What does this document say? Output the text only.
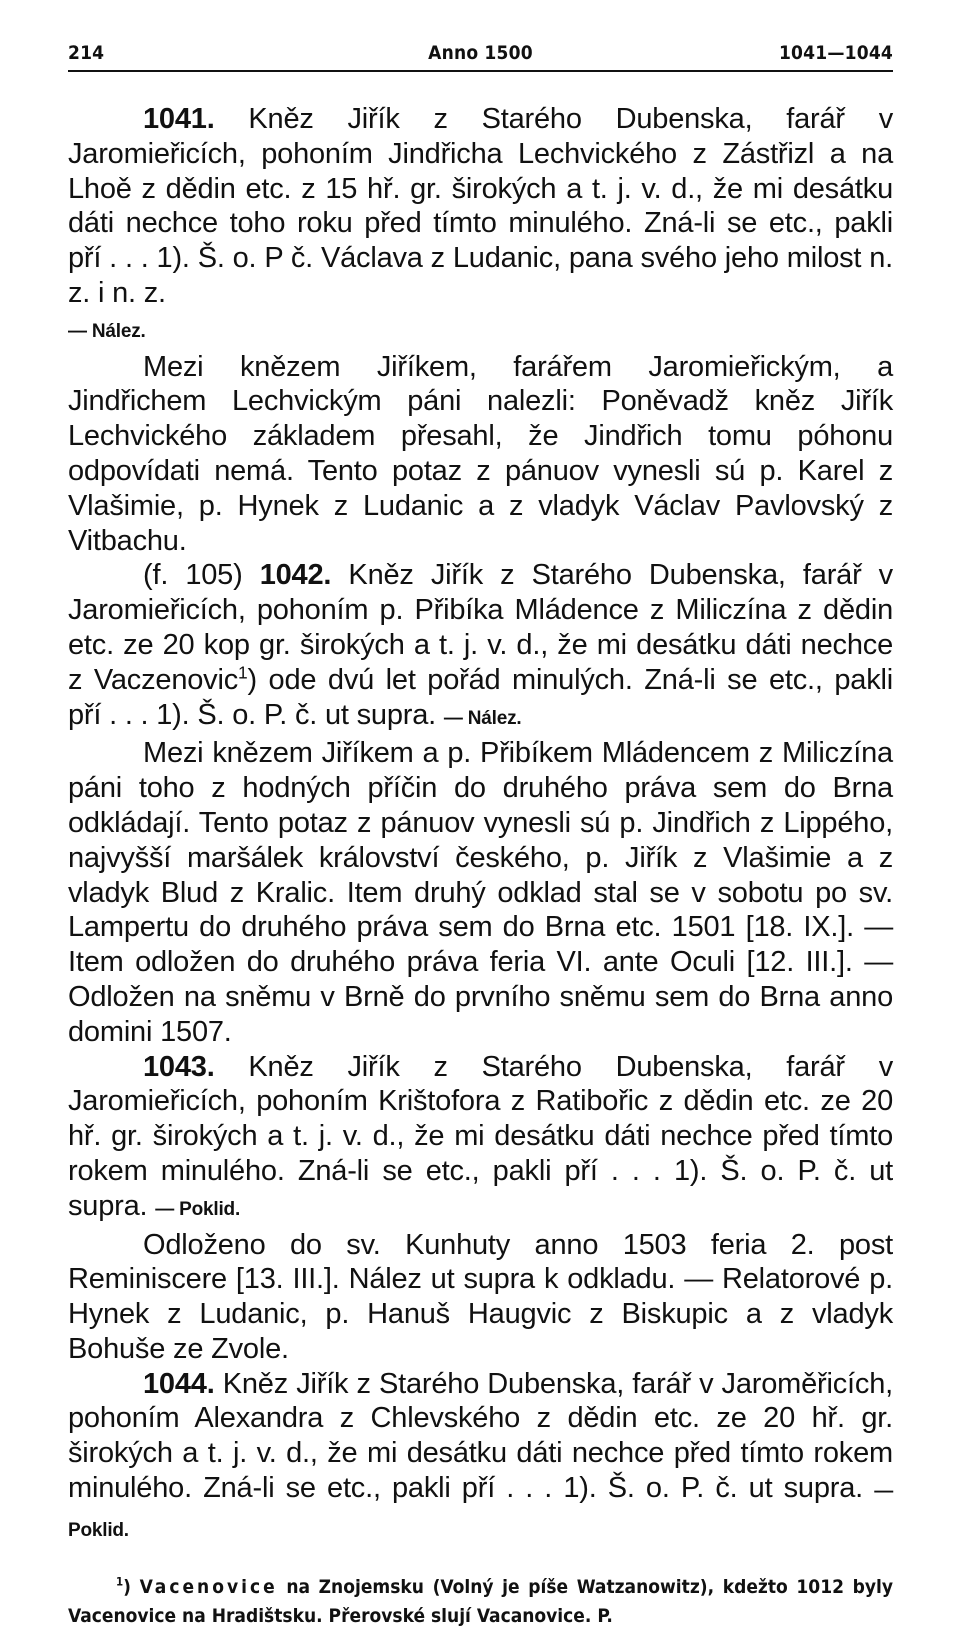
214	Anno 1500	1041—1044

1041. Kněz Jiřík z Starého Dubenska, farář v Jaromieřicích, pohoním Jindřicha Lechvického z Zástřizl a na Lhoě z dědin etc. z 15 hř. gr. širokých a t. j. v. d., že mi desátku dáti nechce toho roku před tímto minulého. Zná-li se etc., pakli pří . . . 1). Š. o. P č. Václava z Ludanic, pana svého jeho milost n. z. i n. z.

— Nález.

Mezi knězem Jiříkem, farářem Jaromieřickým, a Jindřichem Lechvickým páni nalezli: Poněvadž kněz Jiřík Lechvického základem přesahl, že Jindřich tomu póhonu odpovídati nemá. Tento potaz z pánuov vynesli sú p. Karel z Vlašimie, p. Hynek z Ludanic a z vladyk Václav Pavlovský z Vitbachu.

(f. 105) 1042. Kněz Jiřík z Starého Dubenska, farář v Jaromieřicích, pohoním p. Přibíka Mládence z Miliczína z dědin etc. ze 20 kop gr. širokých a t. j. v. d., že mi desátku dáti nechce z Vaczenovic$^1$) ode dvú let pořád minulých. Zná-li se etc., pakli pří . . . 1). Š. o. P. č. ut supra. — Nález.

Mezi knězem Jiříkem a p. Přibíkem Mládencem z Miliczína páni toho z hodných příčin do druhého práva sem do Brna odkládají. Tento potaz z pánuov vynesli sú p. Jindřich z Lippého, najvyšší maršálek království českého, p. Jiřík z Vlašimie a z vladyk Blud z Kralic. Item druhý odklad stal se v sobotu po sv. Lampertu do druhého práva sem do Brna etc. 1501 [18. IX.]. — Item odložen do druhého práva feria VI. ante Oculi [12. III.]. — Odložen na sněmu v Brně do prvního sněmu sem do Brna anno domini 1507.

1043. Kněz Jiřík z Starého Dubenska, farář v Jaromieřicích, pohoním Krištofora z Ratibořic z dědin etc. ze 20 hř. gr. širokých a t. j. v. d., že mi desátku dáti nechce před tímto rokem minulého. Zná-li se etc., pakli pří . . . 1). Š. o. P. č. ut supra. — Poklid.

Odloženo do sv. Kunhuty anno 1503 feria 2. post Reminiscere [13. III.]. Nález ut supra k odkladu. — Relatorové p. Hynek z Ludanic, p. Hanuš Haugvic z Biskupic a z vladyk Bohuše ze Zvole.

1044. Kněz Jiřík z Starého Dubenska, farář v Jaroměřicích, pohoním Alexandra z Chlevského z dědin etc. ze 20 hř. gr. širokých a t. j. v. d., že mi desátku dáti nechce před tímto rokem minulého. Zná-li se etc., pakli pří . . . 1). Š. o. P. č. ut supra. — Poklid.

$^1$) Vacenovice na Znojemsku (Volný je píše Watzanowitz), kdežto 1012 byly Vacenovice na Hradištsku. Přerovské slují Vacanovice. P.
